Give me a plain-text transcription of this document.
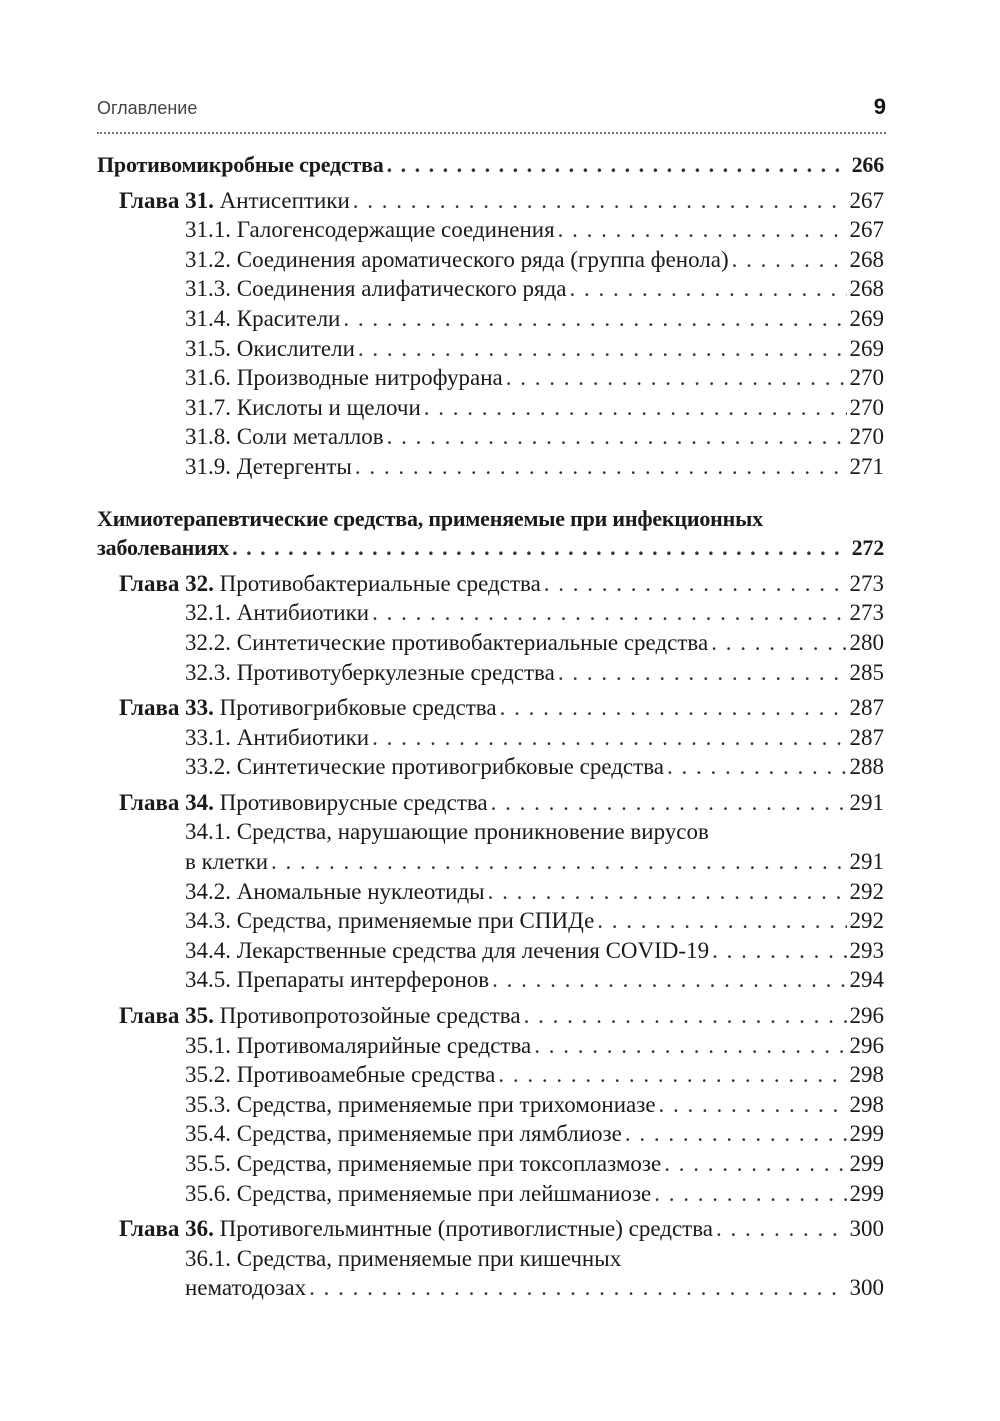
Оглавление	9
Противомикробные средства . . .	266
Глава 31. Антисептики . . .	267
31.1. Галогенсодержащие соединения . . .	267
31.2. Соединения ароматического ряда (группа фенола) . . .	268
31.3. Соединения алифатического ряда . . .	268
31.4. Красители . . .	269
31.5. Окислители . . .	269
31.6. Производные нитрофурана . . .	270
31.7. Кислоты и щелочи . . .	270
31.8. Соли металлов . . .	270
31.9. Детергенты . . .	271
Химиотерапевтические средства, применяемые при инфекционных
заболеваниях . . .	272
Глава 32. Противобактериальные средства . . .	273
32.1. Антибиотики . . .	273
32.2. Синтетические противобактериальные средства . . .	280
32.3. Противотуберкулезные средства . . .	285
Глава 33. Противогрибковые средства . . .	287
33.1. Антибиотики . . .	287
33.2. Синтетические противогрибковые средства . . .	288
Глава 34. Противовирусные средства . . .	291
34.1. Средства, нарушающие проникновение вирусов
в клетки . . .	291
34.2. Аномальные нуклеотиды . . .	292
34.3. Средства, применяемые при СПИДе . . .	292
34.4. Лекарственные средства для лечения COVID-19 . . .	293
34.5. Препараты интерферонов . . .	294
Глава 35. Противопротозойные средства . . .	296
35.1. Противомалярийные средства . . .	296
35.2. Противоамебные средства . . .	298
35.3. Средства, применяемые при трихомониазе . . .	298
35.4. Средства, применяемые при лямблиозе . . .	299
35.5. Средства, применяемые при токсоплазмозе . . .	299
35.6. Средства, применяемые при лейшманиозе . . .	299
Глава 36. Противогельминтные (противоглистные) средства . . .	300
36.1. Средства, применяемые при кишечных
нематодозах . . .	300
